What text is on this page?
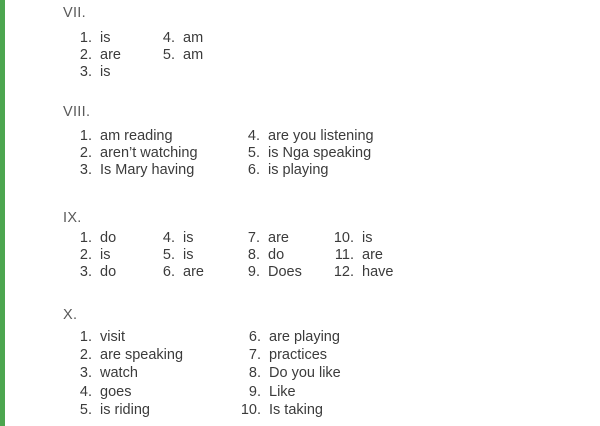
VII.
1. is
2. are
3. is
4. am
5. am
VIII.
1. am reading
2. aren’t watching
3. Is Mary having
4. are you listening
5. is Nga speaking
6. is playing
IX.
1. do
2. is
3. do
4. is
5. is
6. are
7. are
8. do
9. Does
10. is
11. are
12. have
X.
1. visit
2. are speaking
3. watch
4. goes
5. is riding
6. are playing
7. practices
8. Do you like
9. Like
10. Is taking
